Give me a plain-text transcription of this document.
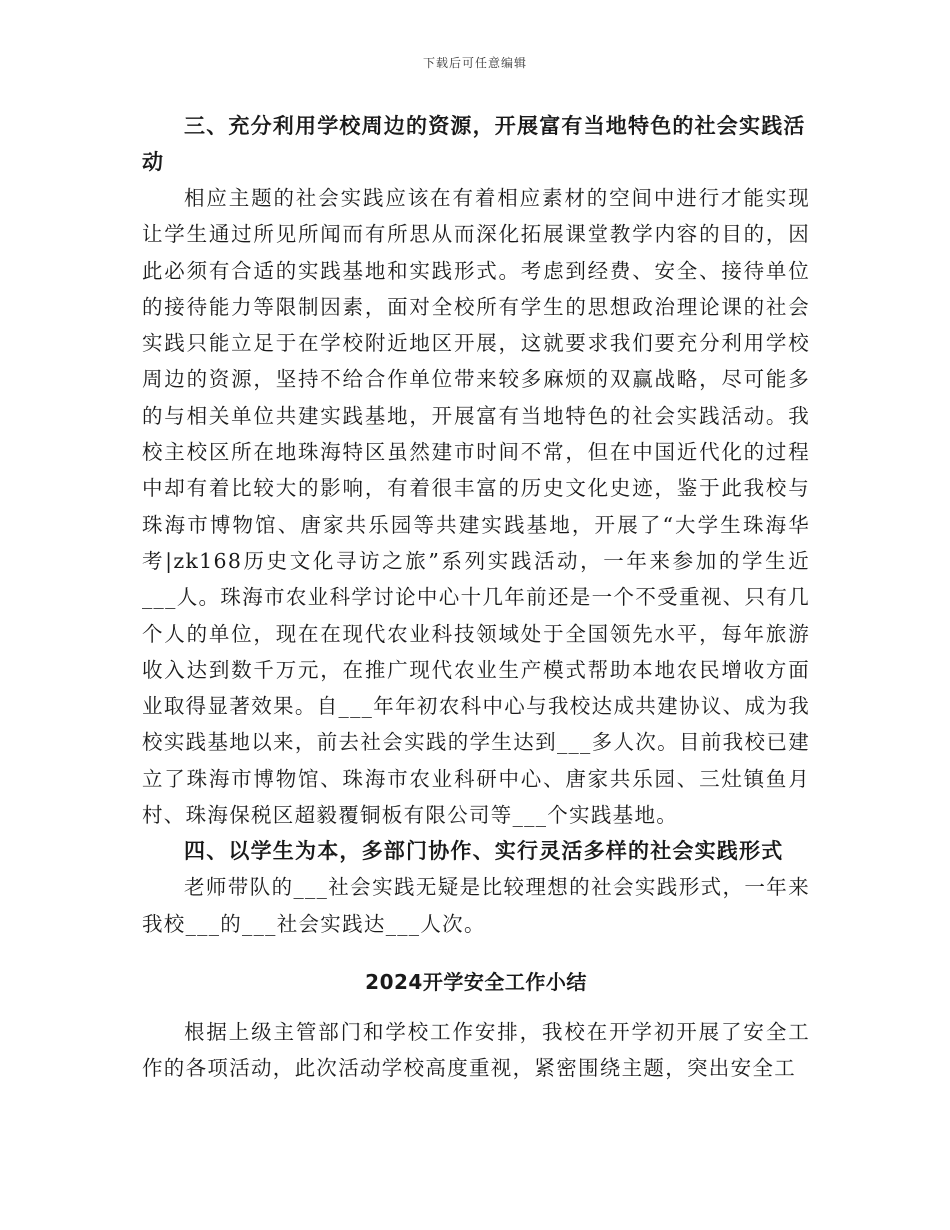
下载后可任意编辑

三、充分利用学校周边的资源，开展富有当地特色的社会实践活动

相应主题的社会实践应该在有着相应素材的空间中进行才能实现让学生通过所见所闻而有所思从而深化拓展课堂教学内容的目的，因此必须有合适的实践基地和实践形式。考虑到经费、安全、接待单位的接待能力等限制因素，面对全校所有学生的思想政治理论课的社会实践只能立足于在学校附近地区开展，这就要求我们要充分利用学校周边的资源，坚持不给合作单位带来较多麻烦的双赢战略，尽可能多的与相关单位共建实践基地，开展富有当地特色的社会实践活动。我校主校区所在地珠海特区虽然建市时间不常，但在中国近代化的过程中却有着比较大的影响，有着很丰富的历史文化史迹，鉴于此我校与珠海市博物馆、唐家共乐园等共建实践基地，开展了“大学生珠海华考|zk168历史文化寻访之旅”系列实践活动，一年来参加的学生近___人。珠海市农业科学讨论中心十几年前还是一个不受重视、只有几个人的单位，现在在现代农业科技领域处于全国领先水平，每年旅游收入达到数千万元，在推广现代农业生产模式帮助本地农民增收方面业取得显著效果。自___年年初农科中心与我校达成共建协议、成为我校实践基地以来，前去社会实践的学生达到___多人次。目前我校已建立了珠海市博物馆、珠海市农业科研中心、唐家共乐园、三灶镇鱼月村、珠海保税区超毅覆铜板有限公司等___个实践基地。

四、以学生为本，多部门协作、实行灵活多样的社会实践形式

老师带队的___社会实践无疑是比较理想的社会实践形式，一年来我校___的___社会实践达___人次。

2024开学安全工作小结

根据上级主管部门和学校工作安排，我校在开学初开展了安全工作的各项活动，此次活动学校高度重视，紧密围绕主题，突出安全工
